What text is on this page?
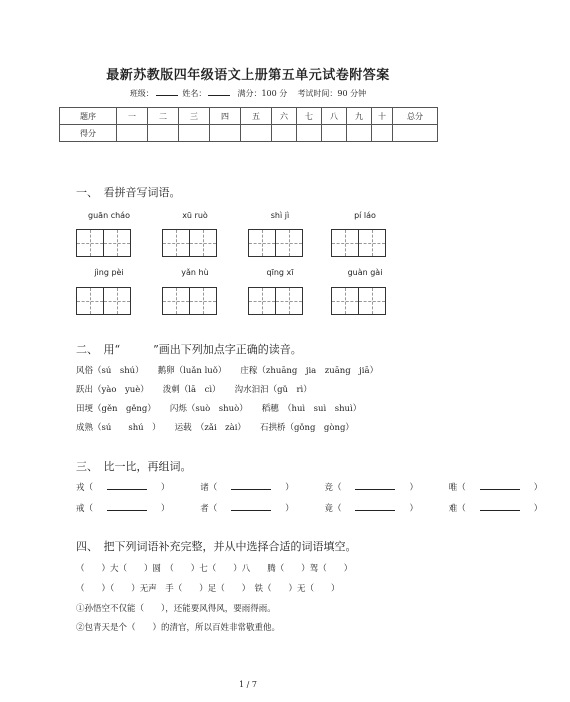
最新苏教版四年级语文上册第五单元试卷附答案
班级：	姓名：	满分：100 分 考试时间：90 分钟
题序	一	二	三	四	五	六	七	八	九	十	总分
得分											
一、　看拼音写词语。
guān cháo	xū ruò	shì jì	pí láo
jìng pèi	yǎn hù	qīng xī	guàn gài
二、　用“　　　”画出下列加点字正确的读音。
风俗（sú　shú） 鹅卵（luǎn luǒ） 庄稼（zhuāng　jia　zuāng　jiā）
跃出（yào　yuè） 泼刺（lā　cì） 沟水汩汩（gǔ　rì）
田埂（gěn　gěng） 闪烁（suò　shuò） 稻穗　（huì　suì　shuì）
成熟（sú　　shú　） 运载　（zǎi　zài） 石拱桥（gǒng　gòng）
三、　比一比，再组词。
戎（	）	诸（	）	竞（	）	唯（	）
戒（	）	者（	）	竟（	）	难（	）
四、　把下列词语补充完整，并从中选择合适的词语填空。
（　　）大（　　）圆　（　　）七（　　）八　　腾（　　）驾（　　）
（　　）（　　）无声　手（　　）足（　　）　铁（　　）无（　　）
①孙悟空不仅能（　　），还能要风得风，要雨得雨。
②包青天是个（　　）的清官，所以百姓非常敬重他。
1 / 7
